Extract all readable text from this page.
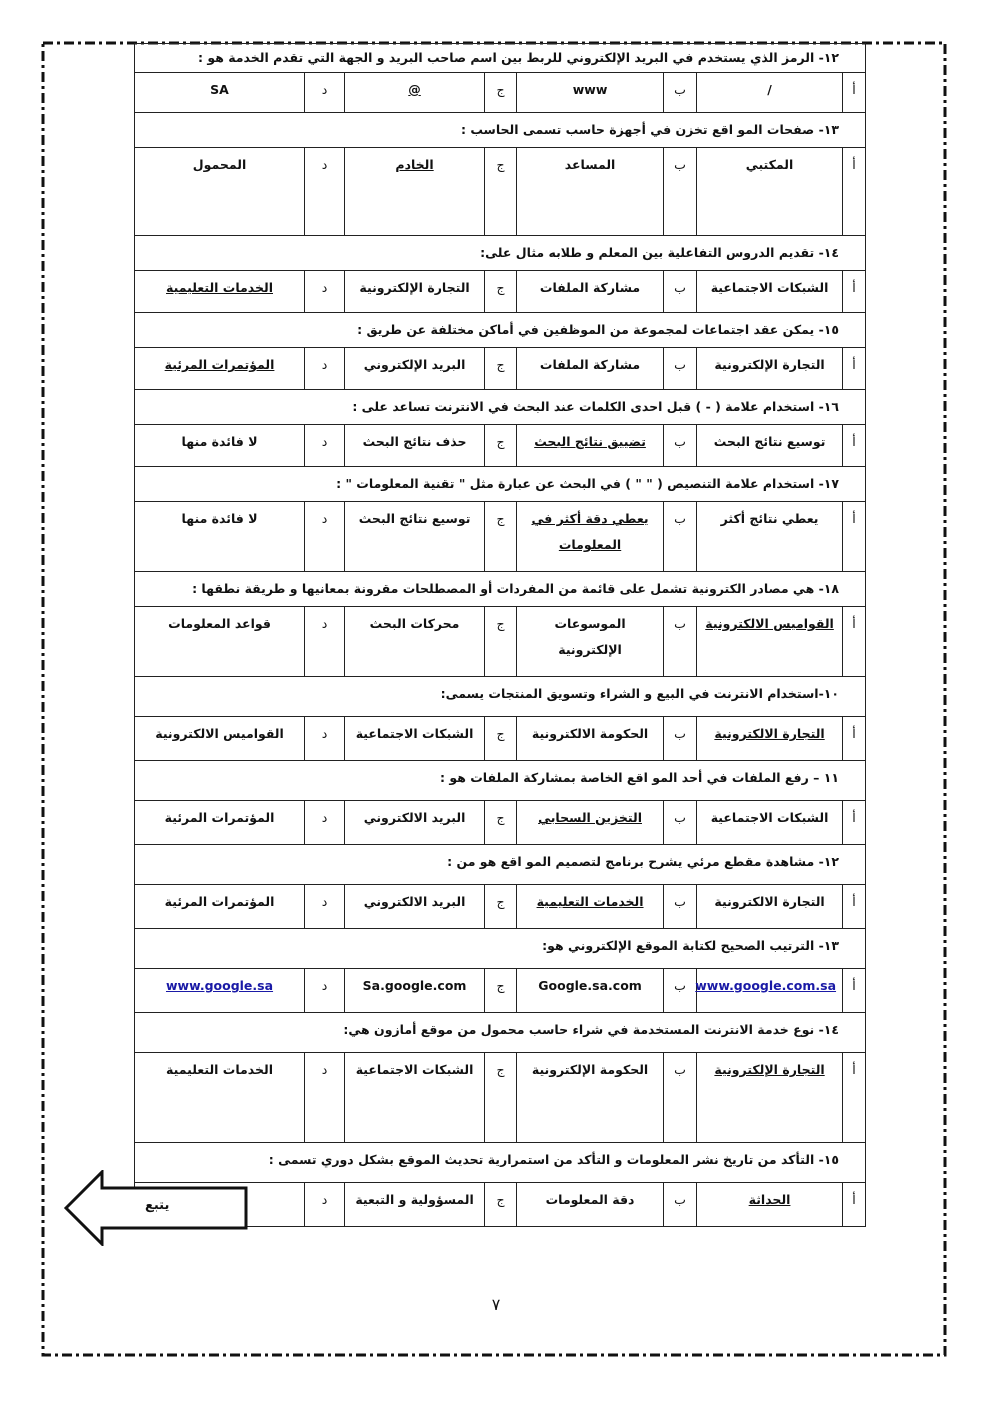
١٢- الرمز الذي يستخدم في البريد الإلكتروني للربط بين اسم صاحب البريد و الجهة التي تقدم الخدمة هو :							
أ	/	ب	www	ج	@	د	SA
١٣- صفحات المو اقع تخزن في أجهزة حاسب تسمى الحاسب :							
أ	المكتبي	ب	المساعد	ج	الخادم	د	المحمول
١٤- تقديم الدروس التفاعلية بين المعلم و طلابه مثال على:							
أ	الشبكات الاجتماعية	ب	مشاركة الملفات	ج	التجارة الإلكترونية	د	الخدمات التعليمية
١٥- يمكن عقد اجتماعات لمجموعة من الموظفين في أماكن مختلفة عن طريق :							
أ	التجارة الإلكترونية	ب	مشاركة الملفات	ج	البريد الإلكتروني	د	المؤتمرات المرئية
١٦- استخدام علامة ( - ) قبل احدى الكلمات عند البحث في الانترنت تساعد على :							
أ	توسيع نتائج البحث	ب	تضييق نتائج البحث	ج	حذف نتائج البحث	د	لا فائدة منها
١٧- استخدام علامة التنصيص ( " " ) في البحث عن عبارة مثل " تقنية المعلومات " :							
أ	يعطي نتائج أكثر	ب	يعطي دقة أكثر في المعلومات	ج	توسيع نتائج البحث	د	لا فائدة منها
١٨- هي مصادر الكترونية تشمل على قائمة من المفردات أو المصطلحات مقرونة بمعانيها و طريقة نطقها :							
أ	القواميس الالكترونية	ب	الموسوعات الإلكترونية	ج	محركات البحث	د	قواعد المعلومات
١٠-استخدام الانترنت في البيع و الشراء وتسويق المنتجات يسمى:							
أ	التجارة الالكترونية	ب	الحكومة الالكترونية	ج	الشبكات الاجتماعية	د	القواميس الالكترونية
١١ – رفع الملفات في أحد المو اقع الخاصة بمشاركة الملفات هو :							
أ	الشبكات الاجتماعية	ب	التخزين السحابي	ج	البريد الالكتروني	د	المؤتمرات المرئية
١٢- مشاهدة مقطع مرئي يشرح برنامج لتصميم المو اقع هو من :							
أ	التجارة الالكترونية	ب	الخدمات التعليمية	ج	البريد الالكتروني	د	المؤتمرات المرئية
١٣- الترتيب الصحيح لكتابة الموقع الإلكتروني هو:							
أ	www.google.com.sa	ب	Google.sa.com	ج	Sa.google.com	د	www.google.sa
١٤- نوع خدمة الانترنت المستخدمة في شراء حاسب محمول من موقع أمازون هي:							
أ	التجارة الإلكترونية	ب	الحكومة الإلكترونية	ج	الشبكات الاجتماعية	د	الخدمات التعليمية
١٥- التأكد من تاريخ نشر المعلومات و التأكد من استمرارية تحديث الموقع بشكل دوري تسمى :							
أ	الحداثة	ب	دقة المعلومات	ج	المسؤولية و التبعية	د	
يتبع
٧
